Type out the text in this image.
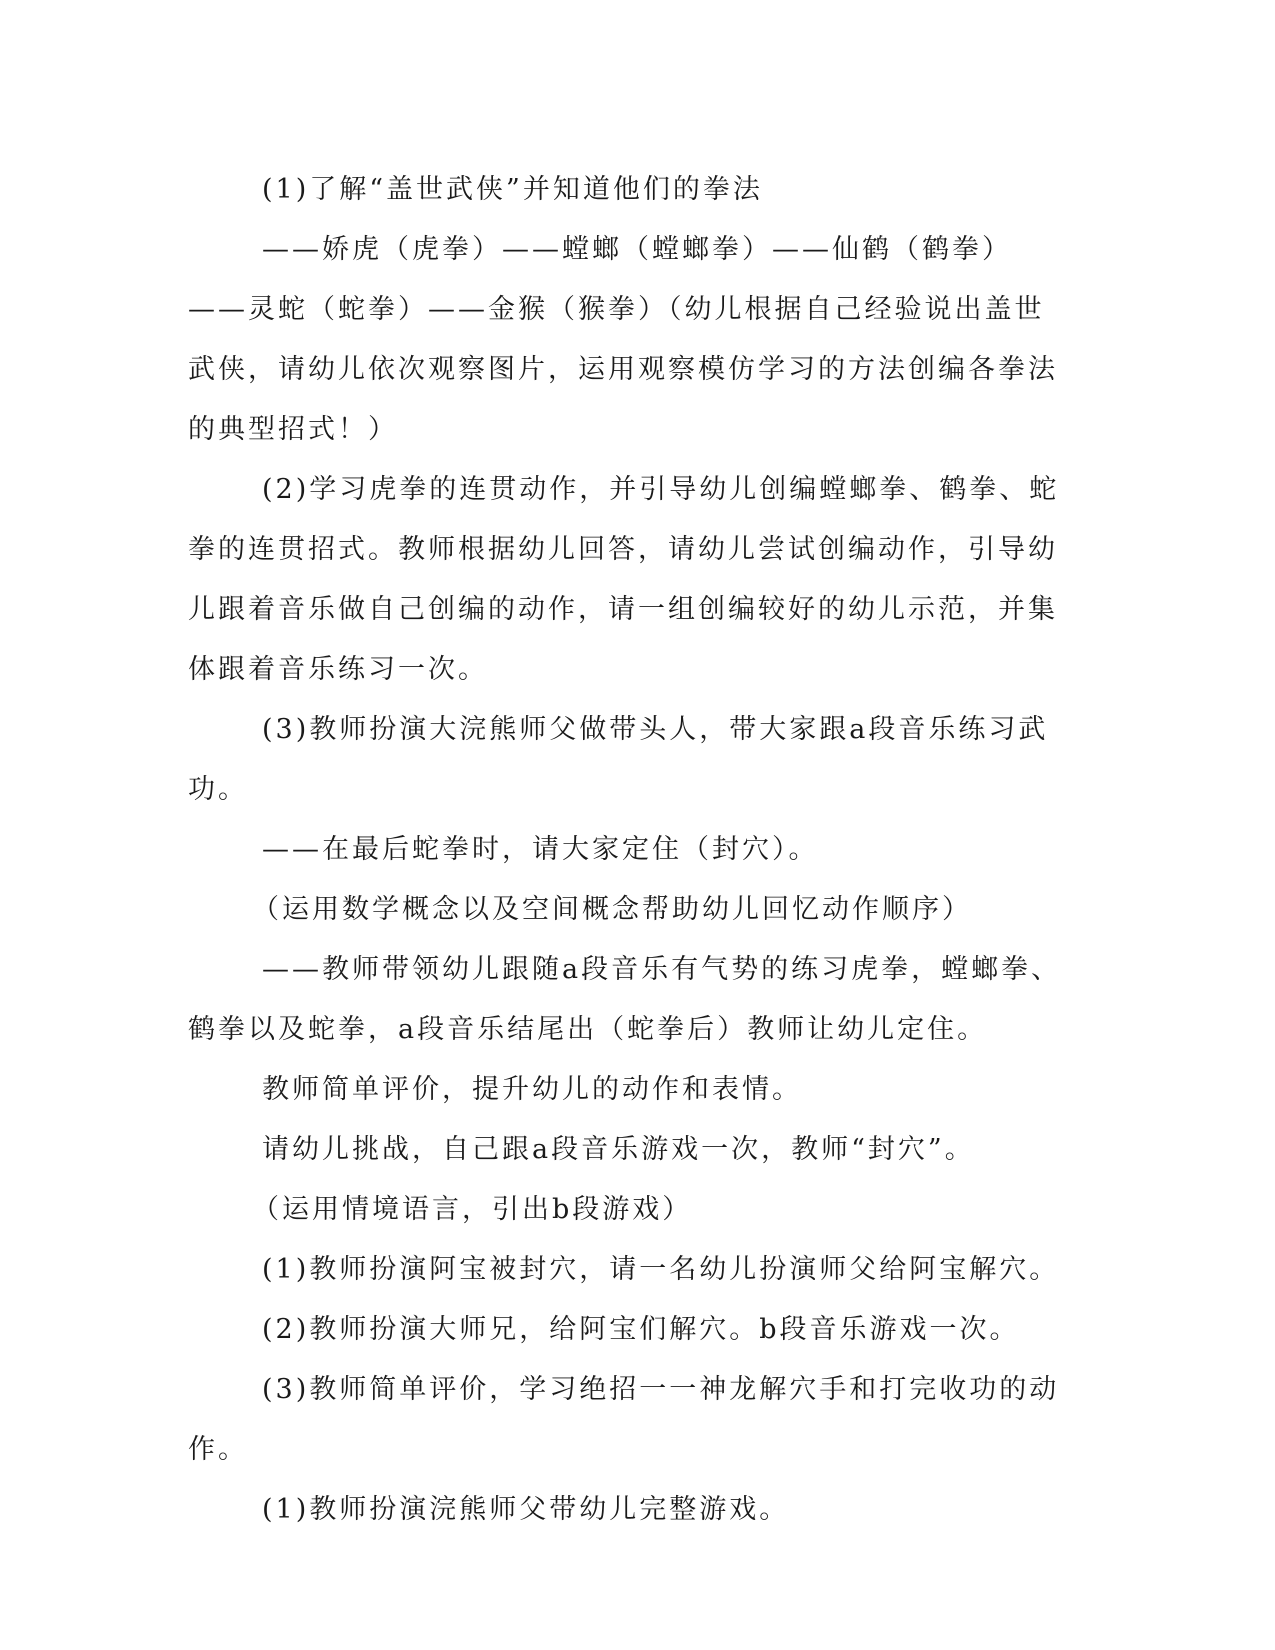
(1)了解“盖世武侠”并知道他们的拳法

——娇虎（虎拳）——螳螂（螳螂拳）——仙鹤（鹤拳）——灵蛇（蛇拳）——金猴（猴拳）（幼儿根据自己经验说出盖世武侠，请幼儿依次观察图片，运用观察模仿学习的方法创编各拳法的典型招式！）

(2)学习虎拳的连贯动作，并引导幼儿创编螳螂拳、鹤拳、蛇拳的连贯招式。教师根据幼儿回答，请幼儿尝试创编动作，引导幼儿跟着音乐做自己创编的动作，请一组创编较好的幼儿示范，并集体跟着音乐练习一次。

(3)教师扮演大浣熊师父做带头人，带大家跟a段音乐练习武功。

——在最后蛇拳时，请大家定住（封穴）。

（运用数学概念以及空间概念帮助幼儿回忆动作顺序）

——教师带领幼儿跟随a段音乐有气势的练习虎拳，螳螂拳、鹤拳以及蛇拳，a段音乐结尾出（蛇拳后）教师让幼儿定住。

教师简单评价，提升幼儿的动作和表情。

请幼儿挑战，自己跟a段音乐游戏一次，教师“封穴”。

（运用情境语言，引出b段游戏）

(1)教师扮演阿宝被封穴，请一名幼儿扮演师父给阿宝解穴。

(2)教师扮演大师兄，给阿宝们解穴。b段音乐游戏一次。

(3)教师简单评价，学习绝招一一神龙解穴手和打完收功的动作。

(1)教师扮演浣熊师父带幼儿完整游戏。
